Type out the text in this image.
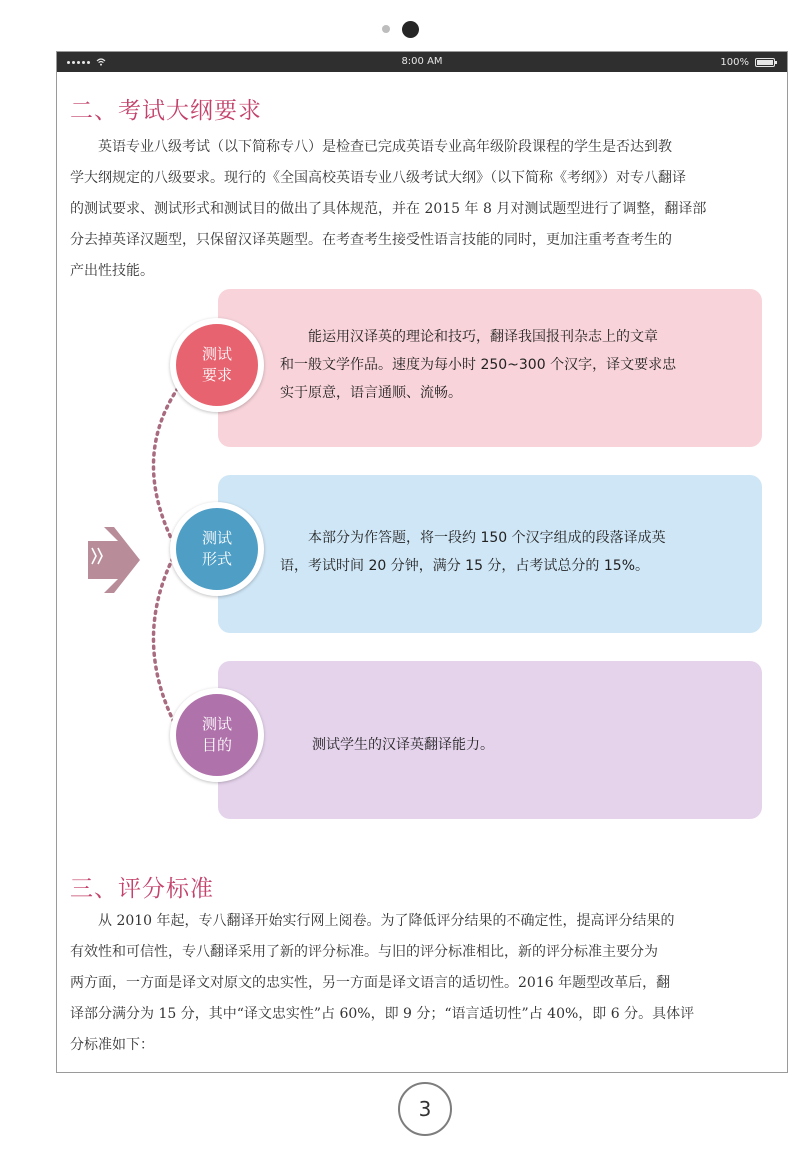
8:00 AM	100%
二、考试大纲要求
英语专业八级考试（以下简称专八）是检查已完成英语专业高年级阶段课程的学生是否达到教
学大纲规定的八级要求。现行的《全国高校英语专业八级考试大纲》（以下简称《考纲》）对专八翻译
的测试要求、测试形式和测试目的做出了具体规范，并在 2015 年 8 月对测试题型进行了调整，翻译部
分去掉英译汉题型，只保留汉译英题型。在考查考生接受性语言技能的同时，更加注重考查考生的
产出性技能。
测试
要求
测试
形式
测试
目的
能运用汉译英的理论和技巧，翻译我国报刊杂志上的文章
和一般文学作品。速度为每小时 250~300 个汉字，译文要求忠
实于原意，语言通顺、流畅。
本部分为作答题，将一段约 150 个汉字组成的段落译成英
语，考试时间 20 分钟，满分 15 分，占考试总分的 15%。
测试学生的汉译英翻译能力。
三、评分标准
从 2010 年起，专八翻译开始实行网上阅卷。为了降低评分结果的不确定性，提高评分结果的
有效性和可信性，专八翻译采用了新的评分标准。与旧的评分标准相比，新的评分标准主要分为
两方面，一方面是译文对原文的忠实性，另一方面是译文语言的适切性。2016 年题型改革后，翻
译部分满分为 15 分，其中“译文忠实性”占 60%，即 9 分；“语言适切性”占 40%，即 6 分。具体评
分标准如下：
3
